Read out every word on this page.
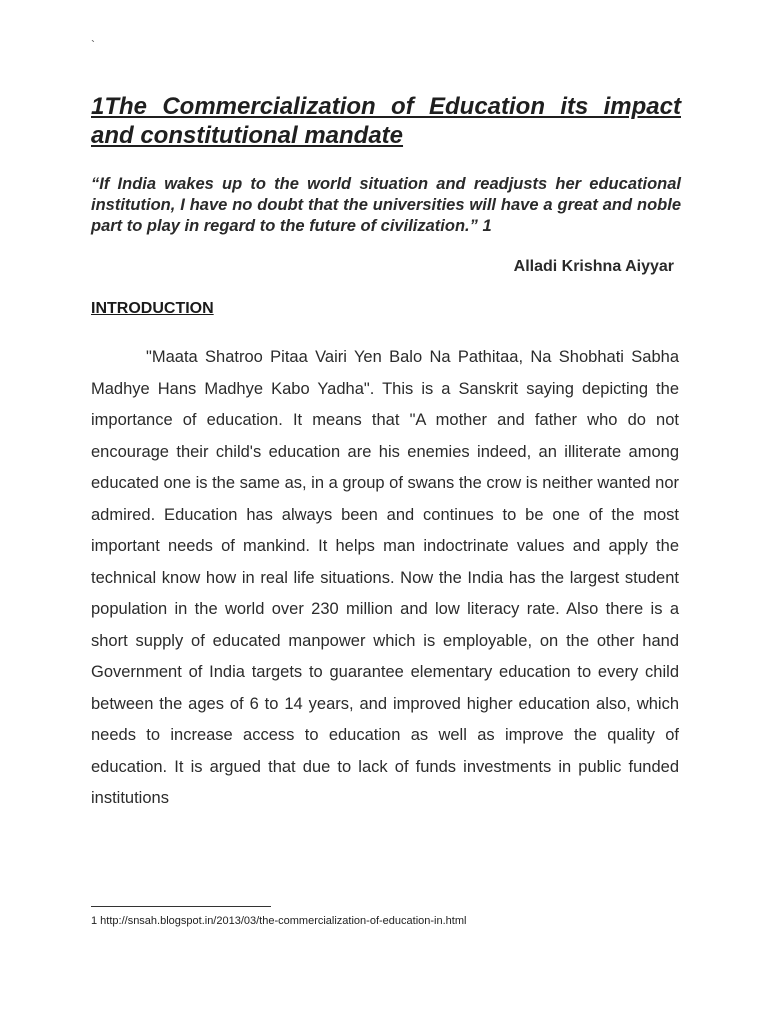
`
1The Commercialization of Education its impact and constitutional mandate

“If India wakes up to the world situation and readjusts her educational institution, I have no doubt that the universities will have a great and noble part to play in regard to the future of civilization.” 1

Alladi Krishna Aiyyar

INTRODUCTION

"Maata Shatroo Pitaa Vairi Yen Balo Na Pathitaa, Na Shobhati Sabha Madhye Hans Madhye Kabo Yadha". This is a Sanskrit saying depicting the importance of education. It means that "A mother and father who do not encourage their child's education are his enemies indeed, an illiterate among educated one is the same as, in a group of swans the crow is neither wanted nor admired. Education has always been and continues to be one of the most important needs of mankind. It helps man indoctrinate values and apply the technical know how in real life situations. Now the India has the largest student population in the world over 230 million and low literacy rate. Also there is a short supply of educated manpower which is employable, on the other hand Government of India targets to guarantee elementary education to every child between the ages of 6 to 14 years, and improved higher education also, which needs to increase access to education as well as improve the quality of education. It is argued that due to lack of funds investments in public funded institutions

1 http://snsah.blogspot.in/2013/03/the-commercialization-of-education-in.html
